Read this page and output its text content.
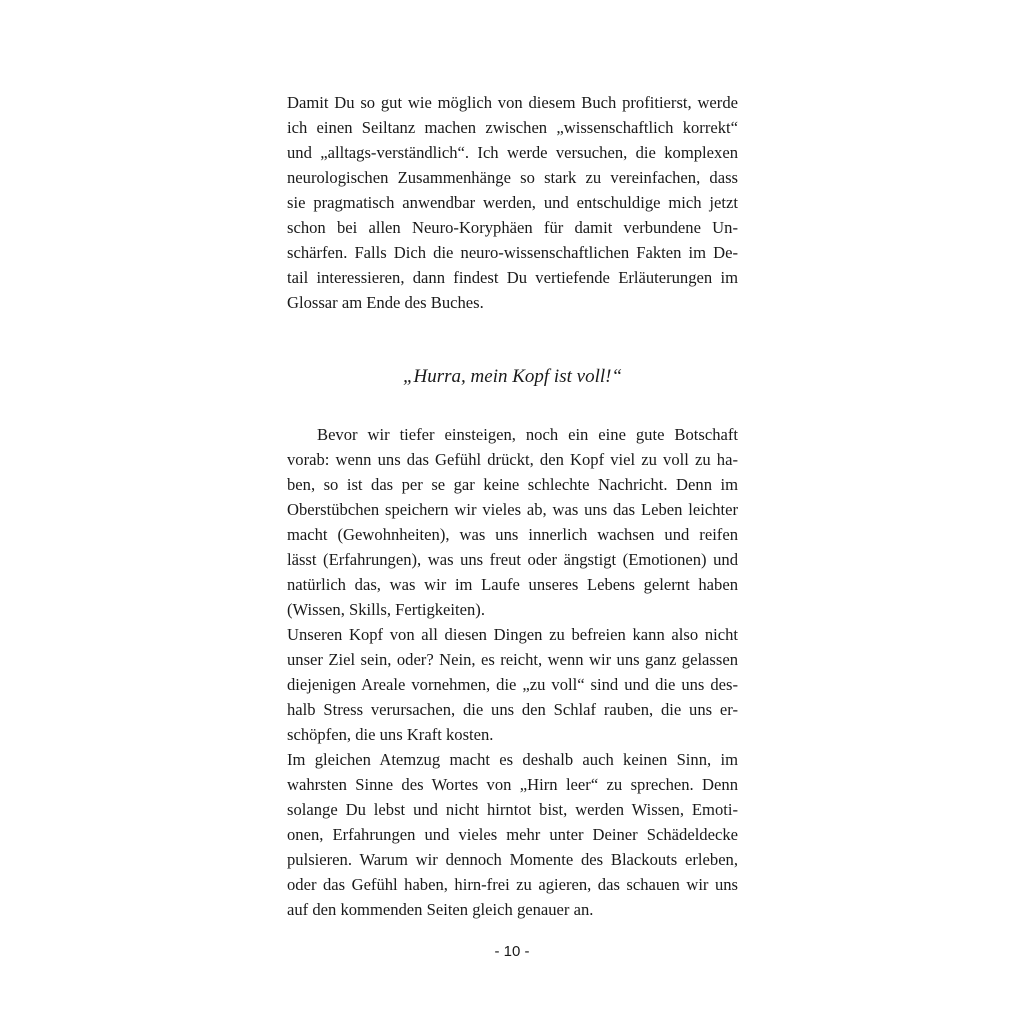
Damit Du so gut wie möglich von diesem Buch profitierst, werde
ich einen Seiltanz machen zwischen „wissenschaftlich korrekt“
und „alltags-verständlich“. Ich werde versuchen, die komplexen
neurologischen Zusammenhänge so stark zu vereinfachen, dass
sie pragmatisch anwendbar werden, und entschuldige mich jetzt
schon bei allen Neuro-Koryphäen für damit verbundene Un-
schärfen. Falls Dich die neuro-wissenschaftlichen Fakten im De-
tail interessieren, dann findest Du vertiefende Erläuterungen im
Glossar am Ende des Buches.
„Hurra, mein Kopf ist voll!“
Bevor wir tiefer einsteigen, noch ein eine gute Botschaft
vorab: wenn uns das Gefühl drückt, den Kopf viel zu voll zu ha-
ben, so ist das per se gar keine schlechte Nachricht. Denn im
Oberstübchen speichern wir vieles ab, was uns das Leben leichter
macht (Gewohnheiten), was uns innerlich wachsen und reifen
lässt (Erfahrungen), was uns freut oder ängstigt (Emotionen) und
natürlich das, was wir im Laufe unseres Lebens gelernt haben
(Wissen, Skills, Fertigkeiten).
Unseren Kopf von all diesen Dingen zu befreien kann also nicht
unser Ziel sein, oder? Nein, es reicht, wenn wir uns ganz gelassen
diejenigen Areale vornehmen, die „zu voll“ sind und die uns des-
halb Stress verursachen, die uns den Schlaf rauben, die uns er-
schöpfen, die uns Kraft kosten.
Im gleichen Atemzug macht es deshalb auch keinen Sinn, im
wahrsten Sinne des Wortes von „Hirn leer“ zu sprechen. Denn
solange Du lebst und nicht hirntot bist, werden Wissen, Emoti-
onen, Erfahrungen und vieles mehr unter Deiner Schädeldecke
pulsieren. Warum wir dennoch Momente des Blackouts erleben,
oder das Gefühl haben, hirn-frei zu agieren, das schauen wir uns
auf den kommenden Seiten gleich genauer an.
- 10 -
